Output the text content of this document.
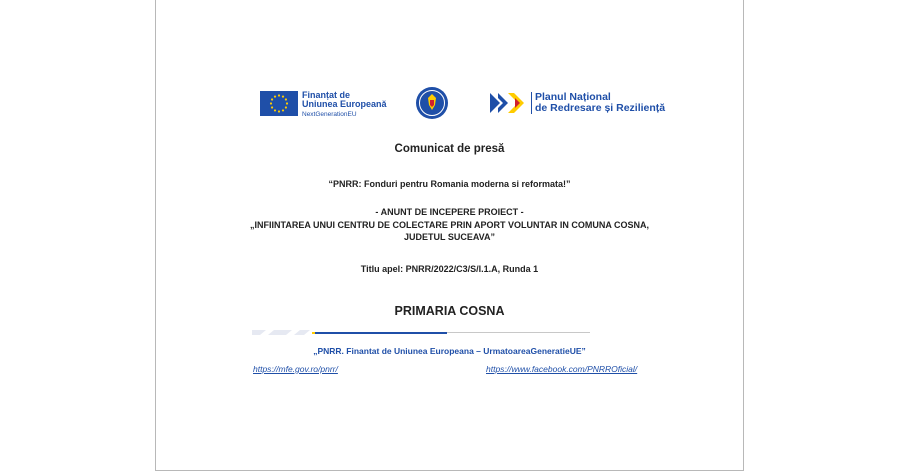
Finanțat de
Uniunea Europeană
NextGenerationEU
Planul Național
de Redresare și Reziliență

Comunicat de presă

“PNRR: Fonduri pentru Romania moderna si reformata!”

- ANUNT DE INCEPERE PROIECT -

„INFIINTAREA UNUI CENTRU DE COLECTARE PRIN APORT VOLUNTAR IN COMUNA COSNA,

JUDETUL SUCEAVA”

Titlu apel: PNRR/2022/C3/S/I.1.A, Runda 1

PRIMARIA COSNA

„PNRR. Finantat de Uniunea Europeana – UrmatoareaGeneratieUE”

https://mfe.gov.ro/pnrr/	https://www.facebook.com/PNRROficial/
